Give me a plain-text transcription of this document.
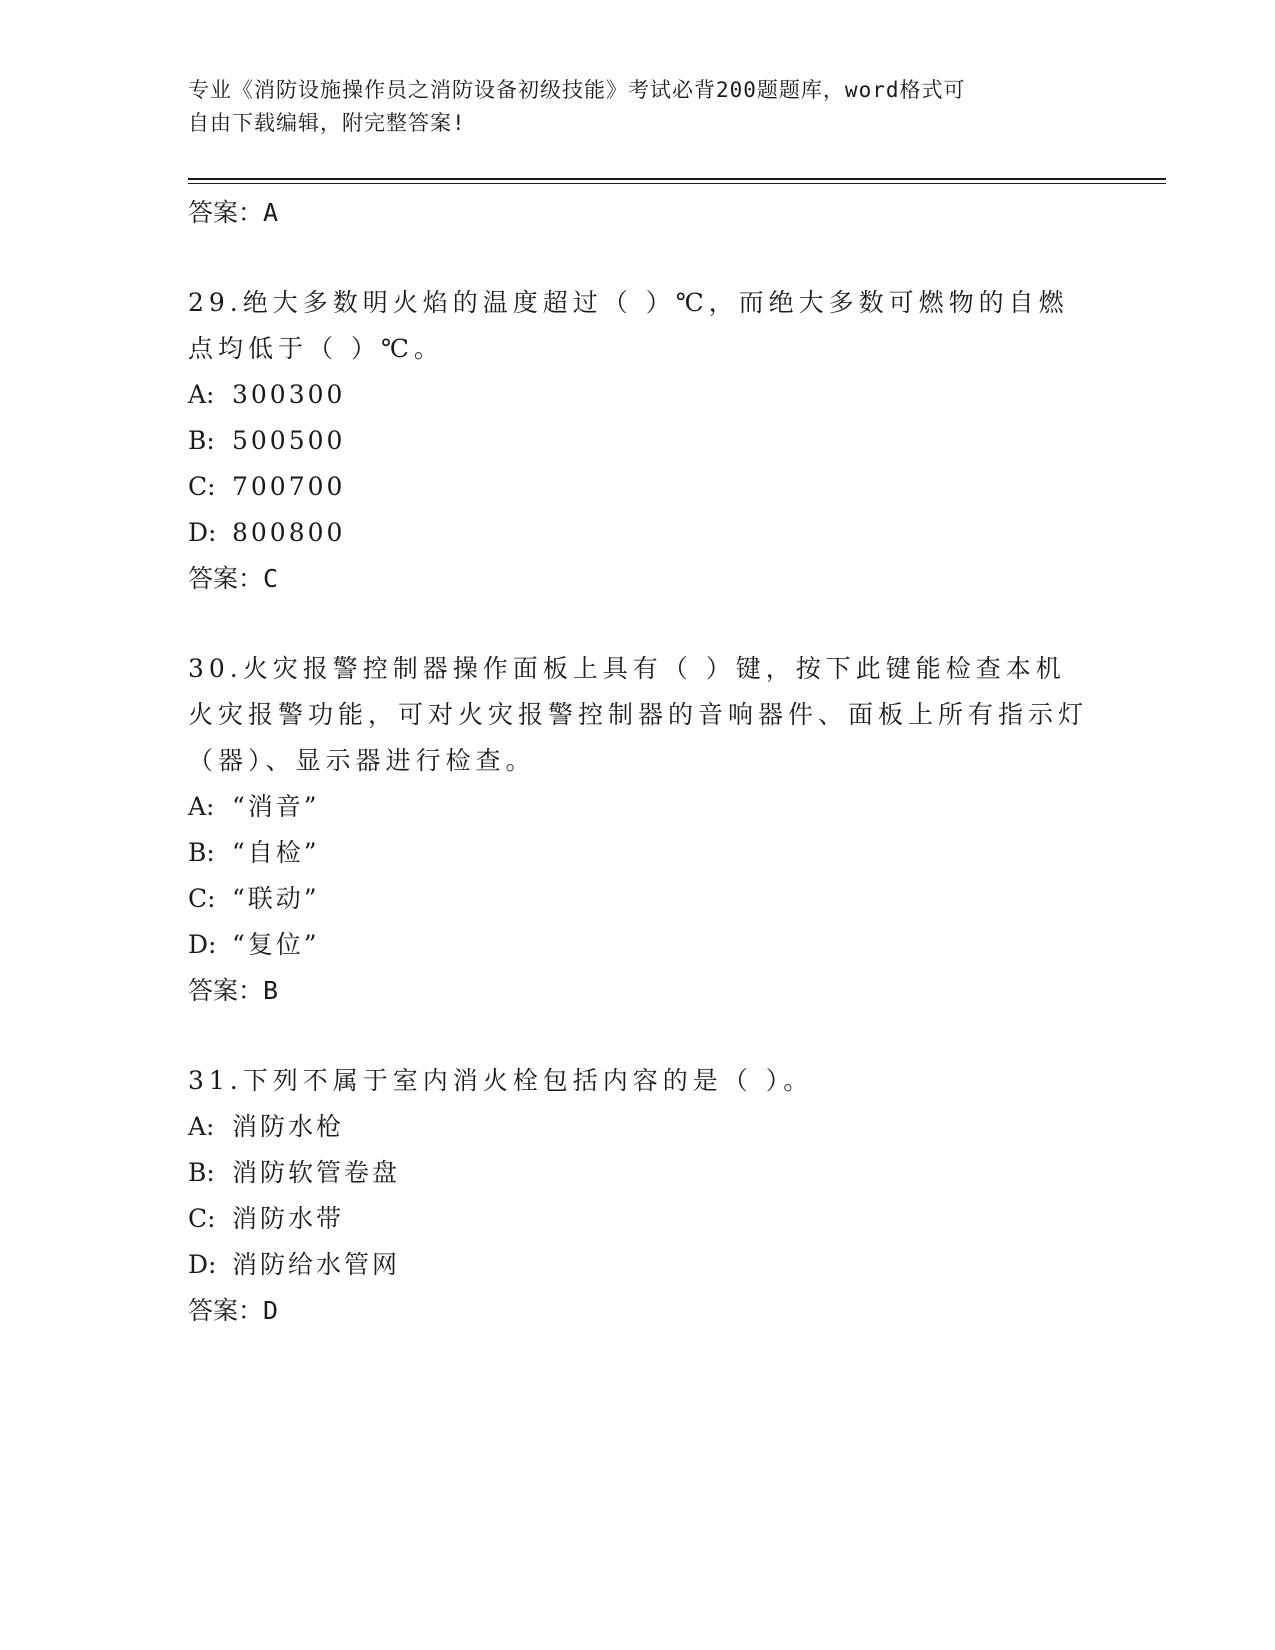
专业《消防设施操作员之消防设备初级技能》考试必背200题题库，word格式可
自由下载编辑，附完整答案!
答案：A
29.绝大多数明火焰的温度超过（ ）℃，而绝大多数可燃物的自燃点均低于（ ）℃。
A: 300300
B: 500500
C: 700700
D: 800800
答案：C
30.火灾报警控制器操作面板上具有（ ）键，按下此键能检查本机火灾报警功能，可对火灾报警控制器的音响器件、面板上所有指示灯（器）、显示器进行检查。
A: “消音”
B: “自检”
C: “联动”
D: “复位”
答案：B
31.下列不属于室内消火栓包括内容的是（ ）。
A: 消防水枪
B: 消防软管卷盘
C: 消防水带
D: 消防给水管网
答案：D
